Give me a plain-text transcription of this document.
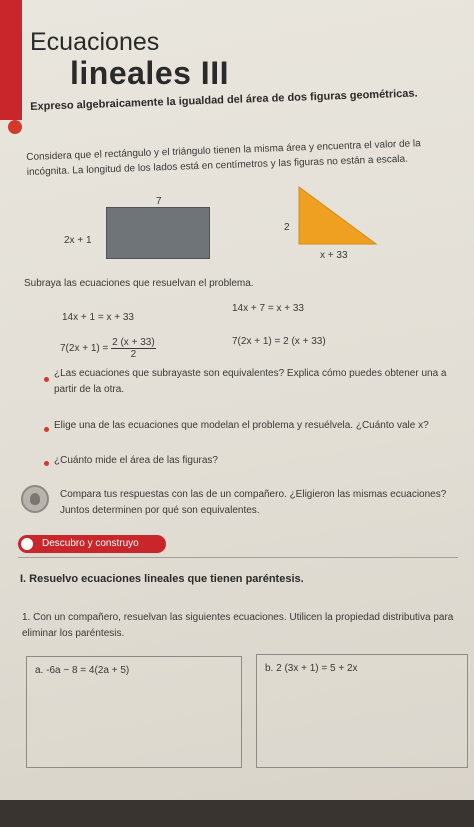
Ecuaciones
lineales III
Expreso algebraicamente la igualdad del área de dos figuras geométricas.
Considera que el rectángulo y el triángulo tienen la misma área y encuentra el valor de la incógnita. La longitud de los lados está en centímetros y las figuras no están a escala.
7
2x + 1
2
x + 33
Subraya las ecuaciones que resuelvan el problema.
14x + 1 = x + 33
14x + 7 = x + 33
$7(2x + 1) = \frac{2 (x + 33)}{2}$	7(2x + 1) = 2 (x + 33)
¿Las ecuaciones que subrayaste son equivalentes? Explica cómo puedes obtener una a partir de la otra.
Elige una de las ecuaciones que modelan el problema y resuélvela. ¿Cuánto vale x?
¿Cuánto mide el área de las figuras?
Compara tus respuestas con las de un compañero. ¿Eligieron las mismas ecuaciones? Juntos determinen por qué son equivalentes.
Descubro y construyo
I. Resuelvo ecuaciones lineales que tienen paréntesis.
1. Con un compañero, resuelvan las siguientes ecuaciones. Utilicen la propiedad distributiva para eliminar los paréntesis.
a. -6a − 8 = 4(2a + 5)	b. 2 (3x + 1) = 5 + 2x
